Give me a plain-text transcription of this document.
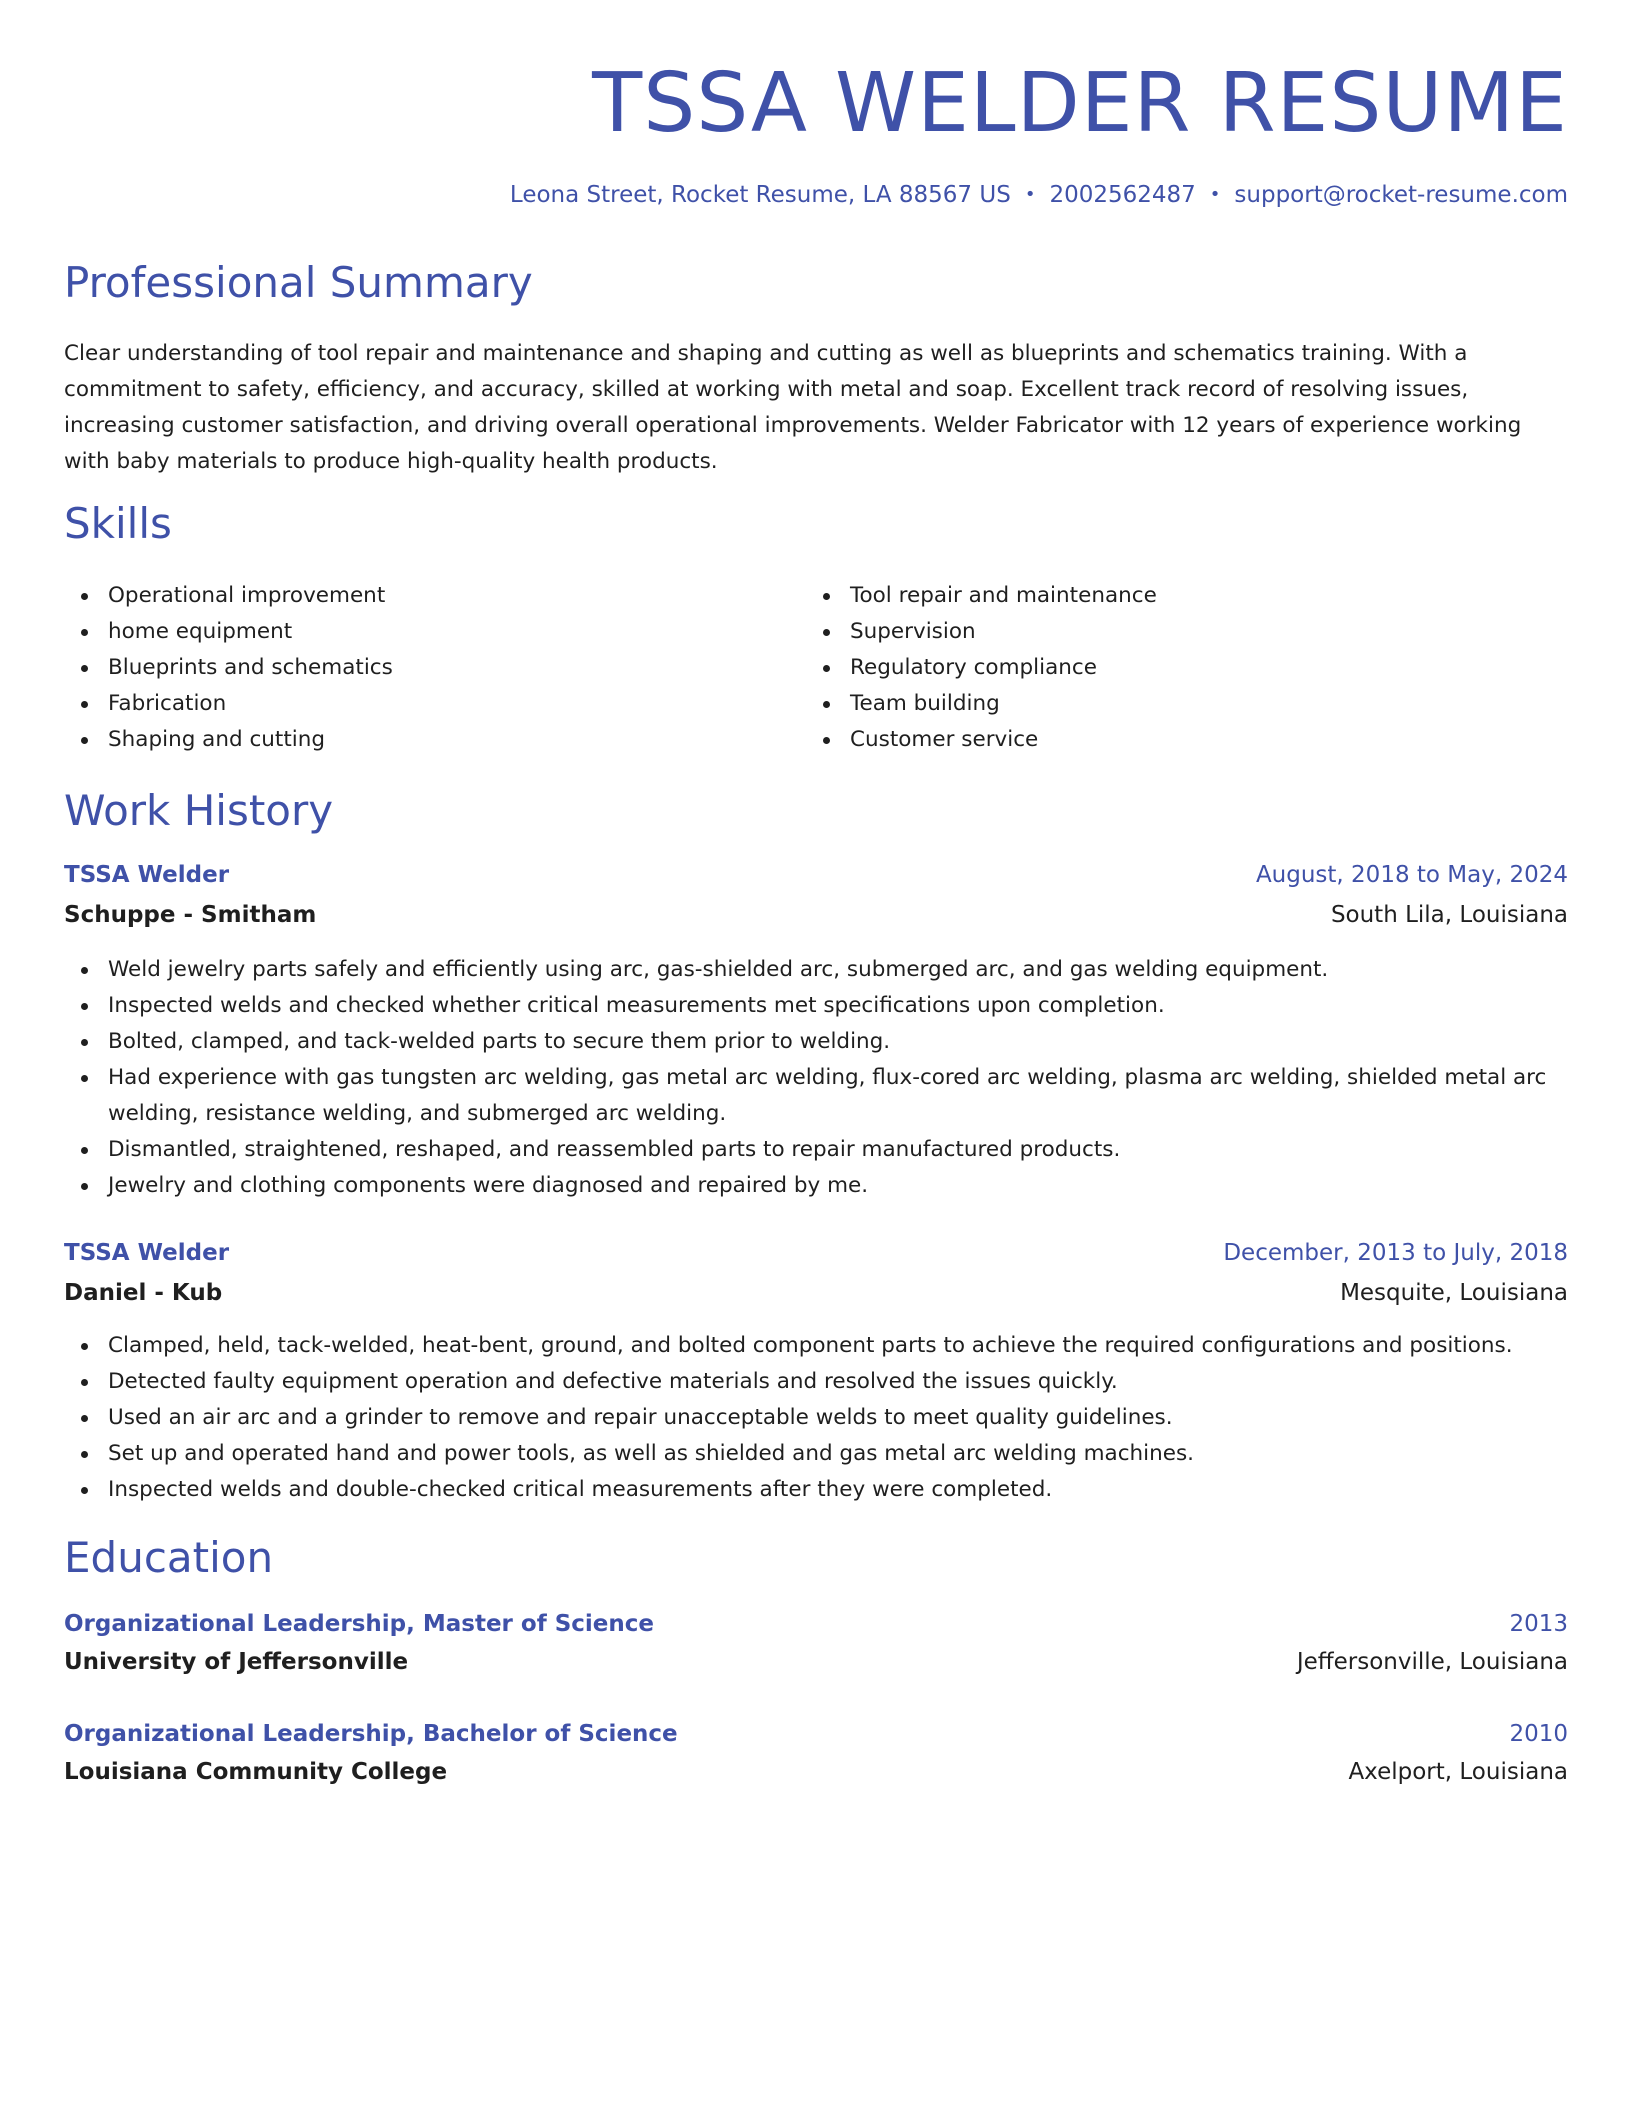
TSSA WELDER RESUME
Leona Street, Rocket Resume, LA 88567 US • 2002562487 • support@rocket-resume.com
Professional Summary

Clear understanding of tool repair and maintenance and shaping and cutting as well as blueprints and schematics training. With a commitment to safety, efficiency, and accuracy, skilled at working with metal and soap. Excellent track record of resolving issues, increasing customer satisfaction, and driving overall operational improvements. Welder Fabricator with 12 years of experience working with baby materials to produce high-quality health products.

Skills
Operational improvement
home equipment
Blueprints and schematics
Fabrication
Shaping and cutting
Tool repair and maintenance
Supervision
Regulatory compliance
Team building
Customer service
Work History
TSSA Welder	August, 2018 to May, 2024
Schuppe - Smitham	South Lila, Louisiana
Weld jewelry parts safely and efficiently using arc, gas-shielded arc, submerged arc, and gas welding equipment.
Inspected welds and checked whether critical measurements met specifications upon completion.
Bolted, clamped, and tack-welded parts to secure them prior to welding.
Had experience with gas tungsten arc welding, gas metal arc welding, flux-cored arc welding, plasma arc welding, shielded metal arc welding, resistance welding, and submerged arc welding.
Dismantled, straightened, reshaped, and reassembled parts to repair manufactured products.
Jewelry and clothing components were diagnosed and repaired by me.
TSSA Welder	December, 2013 to July, 2018
Daniel - Kub	Mesquite, Louisiana
Clamped, held, tack-welded, heat-bent, ground, and bolted component parts to achieve the required configurations and positions.
Detected faulty equipment operation and defective materials and resolved the issues quickly.
Used an air arc and a grinder to remove and repair unacceptable welds to meet quality guidelines.
Set up and operated hand and power tools, as well as shielded and gas metal arc welding machines.
Inspected welds and double-checked critical measurements after they were completed.
Education
Organizational Leadership, Master of Science	2013
University of Jeffersonville	Jeffersonville, Louisiana
Organizational Leadership, Bachelor of Science	2010
Louisiana Community College	Axelport, Louisiana
